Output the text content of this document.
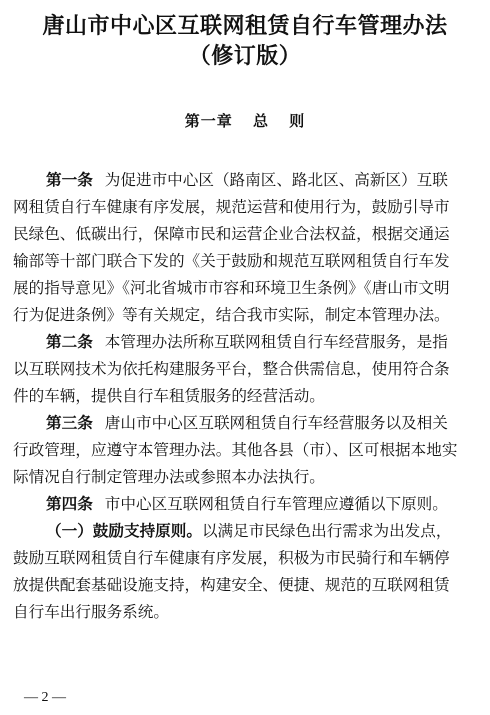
唐山市中心区互联网租赁自行车管理办法
（修订版）
第一章 总 则
第一条 为促进市中心区（路南区、路北区、高新区）互联
网租赁自行车健康有序发展，规范运营和使用行为，鼓励引导市
民绿色、低碳出行，保障市民和运营企业合法权益，根据交通运
输部等十部门联合下发的《关于鼓励和规范互联网租赁自行车发
展的指导意见》《河北省城市市容和环境卫生条例》《唐山市文明
行为促进条例》等有关规定，结合我市实际，制定本管理办法。
第二条 本管理办法所称互联网租赁自行车经营服务，是指
以互联网技术为依托构建服务平台，整合供需信息，使用符合条
件的车辆，提供自行车租赁服务的经营活动。
第三条 唐山市中心区互联网租赁自行车经营服务以及相关
行政管理，应遵守本管理办法。其他各县（市）、区可根据本地实
际情况自行制定管理办法或参照本办法执行。
第四条 市中心区互联网租赁自行车管理应遵循以下原则。
（一）鼓励支持原则。以满足市民绿色出行需求为出发点，
鼓励互联网租赁自行车健康有序发展，积极为市民骑行和车辆停
放提供配套基础设施支持，构建安全、便捷、规范的互联网租赁
自行车出行服务系统。
— 2 —
